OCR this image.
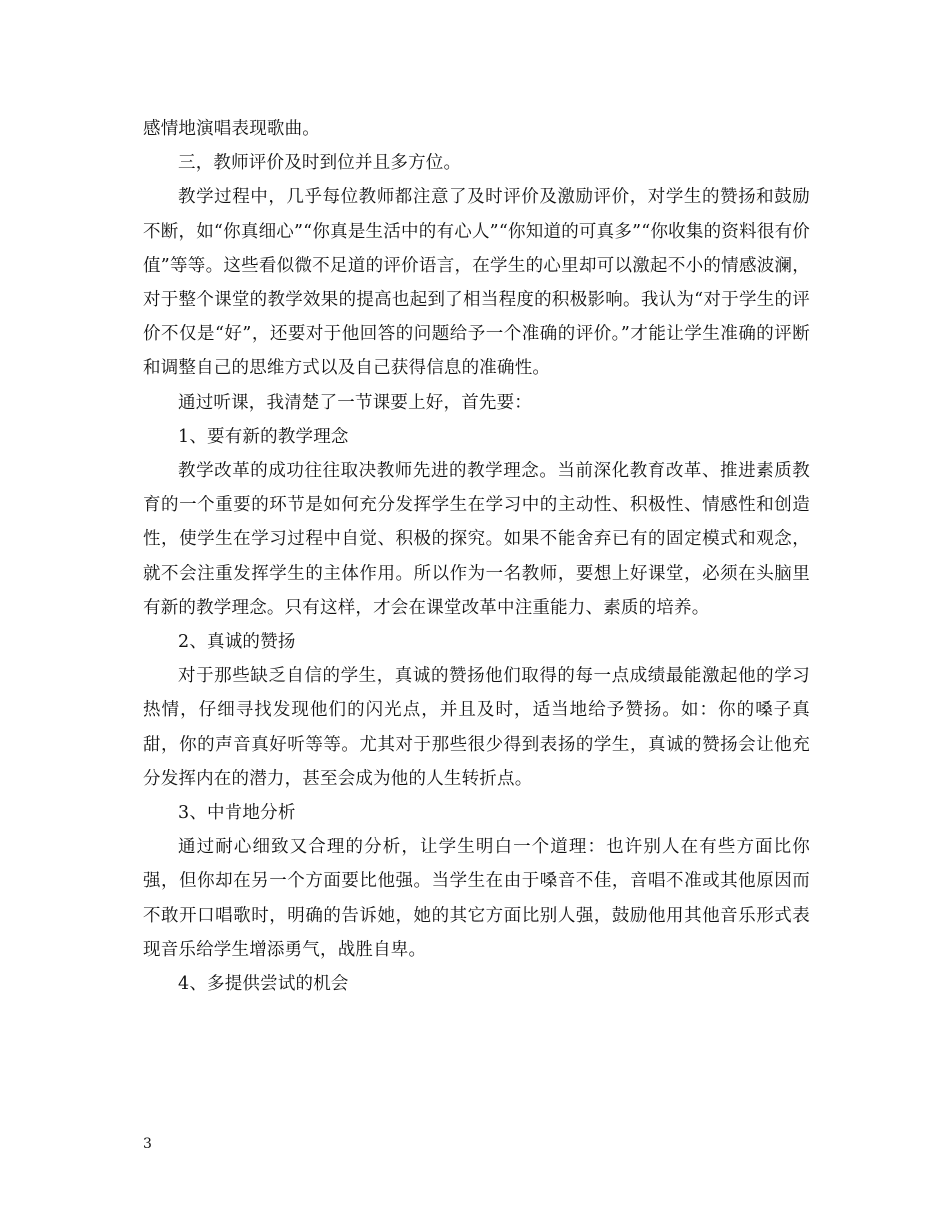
感情地演唱表现歌曲。

三，教师评价及时到位并且多方位。

教学过程中，几乎每位教师都注意了及时评价及激励评价，对学生的赞扬和鼓励不断，如“你真细心”“你真是生活中的有心人”“你知道的可真多”“你收集的资料很有价值”等等。这些看似微不足道的评价语言，在学生的心里却可以激起不小的情感波澜，对于整个课堂的教学效果的提高也起到了相当程度的积极影响。我认为“对于学生的评价不仅是“好”，还要对于他回答的问题给予一个准确的评价。”才能让学生准确的评断和调整自己的思维方式以及自己获得信息的准确性。

通过听课，我清楚了一节课要上好，首先要：

1、要有新的教学理念

教学改革的成功往往取决教师先进的教学理念。当前深化教育改革、推进素质教育的一个重要的环节是如何充分发挥学生在学习中的主动性、积极性、情感性和创造性，使学生在学习过程中自觉、积极的探究。如果不能舍弃已有的固定模式和观念，就不会注重发挥学生的主体作用。所以作为一名教师，要想上好课堂，必须在头脑里有新的教学理念。只有这样，才会在课堂改革中注重能力、素质的培养。

2、真诚的赞扬

对于那些缺乏自信的学生，真诚的赞扬他们取得的每一点成绩最能激起他的学习热情，仔细寻找发现他们的闪光点，并且及时，适当地给予赞扬。如：你的嗓子真甜，你的声音真好听等等。尤其对于那些很少得到表扬的学生，真诚的赞扬会让他充分发挥内在的潜力，甚至会成为他的人生转折点。

3、中肯地分析

通过耐心细致又合理的分析，让学生明白一个道理：也许别人在有些方面比你强，但你却在另一个方面要比他强。当学生在由于嗓音不佳，音唱不准或其他原因而不敢开口唱歌时，明确的告诉她，她的其它方面比别人强，鼓励他用其他音乐形式表现音乐给学生增添勇气，战胜自卑。

4、多提供尝试的机会

3
